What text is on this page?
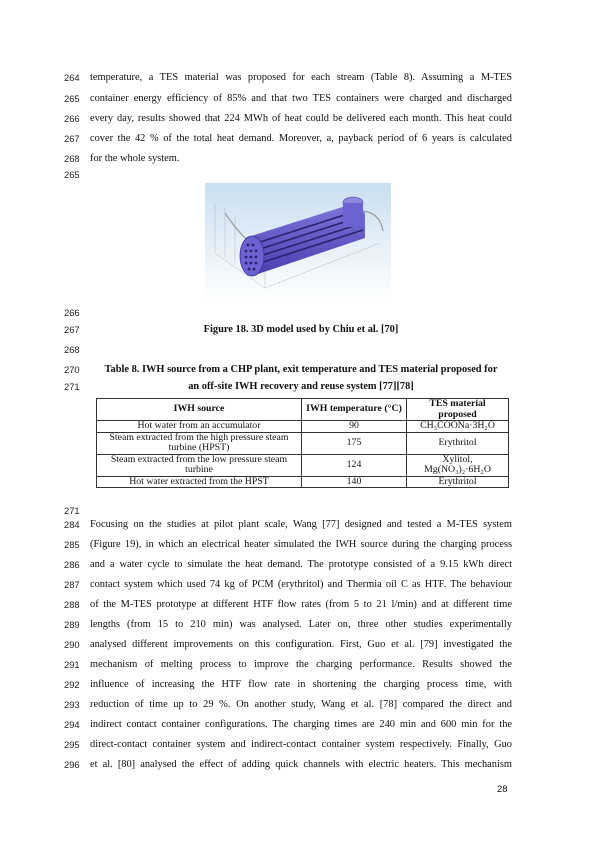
264 temperature, a TES material was proposed for each stream (Table 8). Assuming a M-TES
265 container energy efficiency of 85% and that two TES containers were charged and discharged
266 every day, results showed that 224 MWh of heat could be delivered each month. This heat could
267 cover the 42 % of the total heat demand. Moreover, a, payback period of 6 years is calculated
268 for the whole system.
265
266
267	Figure 18. 3D model used by Chiu et al. [70]
268
270	Table 8. IWH source from a CHP plant, exit temperature and TES material proposed for
271	an off-site IWH recovery and reuse system [77][78]
IWH source	IWH temperature (°C)	TES material proposed
Hot water from an accumulator	90	CH₃COONa·3H₂O
Steam extracted from the high pressure steam turbine (HPST)	175	Erythritol
Steam extracted from the low pressure steam turbine	124	Xylitol, Mg(NO₃)₂·6H₂O
Hot water extracted from the HPST	140	Erythritol
271
284 Focusing on the studies at pilot plant scale, Wang [77] designed and tested a M-TES system
285 (Figure 19), in which an electrical heater simulated the IWH source during the charging process
286 and a water cycle to simulate the heat demand. The prototype consisted of a 9.15 kWh direct
287 contact system which used 74 kg of PCM (erythritol) and Thermia oil C as HTF. The behaviour
288 of the M-TES prototype at different HTF flow rates (from 5 to 21 l/min) and at different time
289 lengths (from 15 to 210 min) was analysed. Later on, three other studies experimentally
290 analysed different improvements on this configuration. First, Guo et al. [79] investigated the
291 mechanism of melting process to improve the charging performance. Results showed the
292 influence of increasing the HTF flow rate in shortening the charging process time, with
293 reduction of time up to 29 %. On another study, Wang et al. [78] compared the direct and
294 indirect contact container configurations. The charging times are 240 min and 600 min for the
295 direct-contact container system and indirect-contact container system respectively. Finally, Guo
296 et al. [80] analysed the effect of adding quick channels with electric heaters. This mechanism
28
